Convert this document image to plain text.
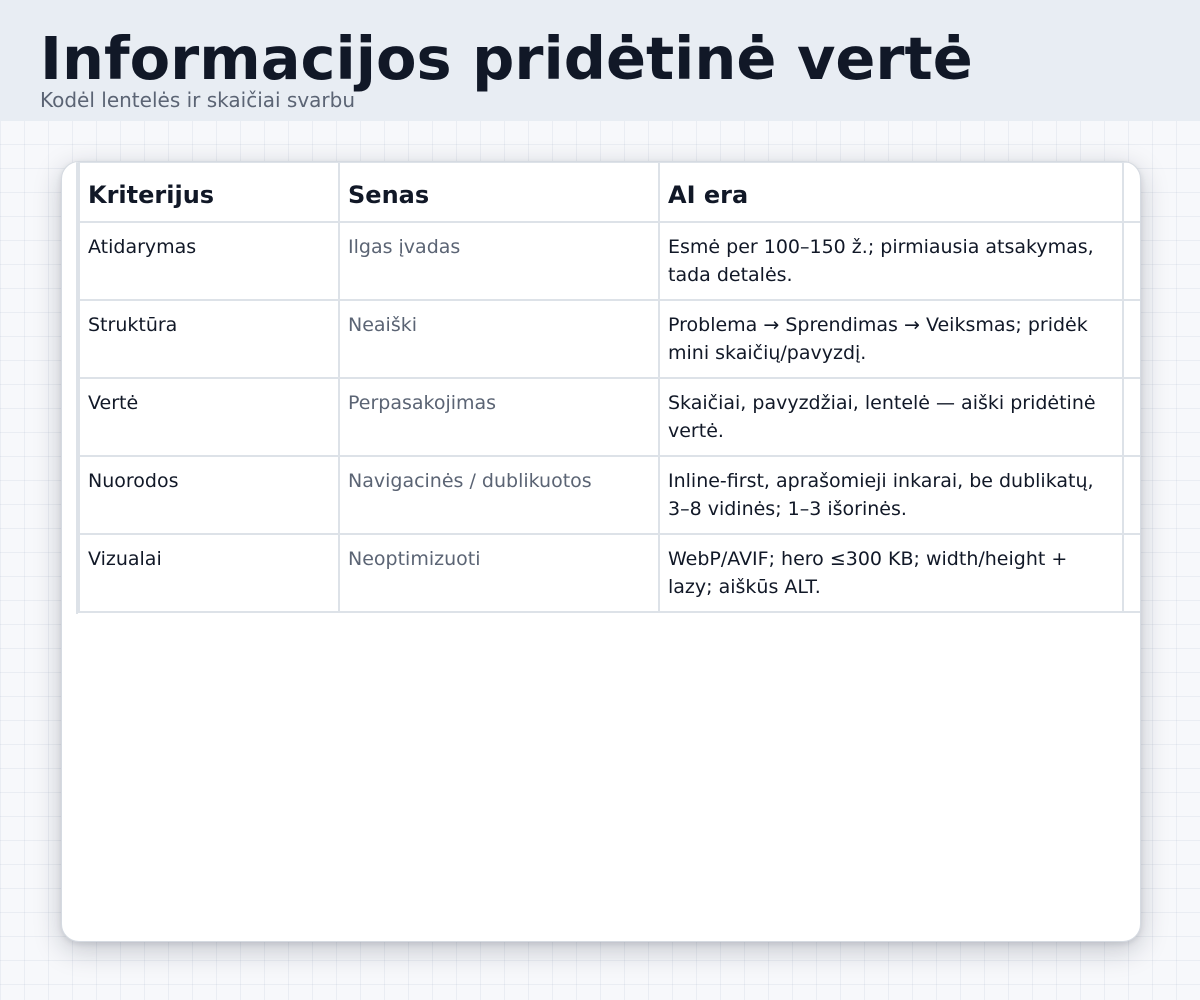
Informacijos pridėtinė vertė

Kodėl lentelės ir skaičiai svarbu

Kriterijus	Senas	AI era	
Atidarymas	Ilgas įvadas	Esmė per 100–150 ž.; pirmiausia atsakymas, tada detalės.	
Struktūra	Neaiški	Problema → Sprendimas → Veiksmas; pridėk mini skaičių/pavyzdį.	
Vertė	Perpasakojimas	Skaičiai, pavyzdžiai, lentelė — aiški pridėtinė vertė.	
Nuorodos	Navigacinės / dublikuotos	Inline-first, aprašomieji inkarai, be dublikatų, 3–8 vidinės; 1–3 išorinės.	
Vizualai	Neoptimizuoti	WebP/AVIF; hero ≤300 KB; width/height + lazy; aiškūs ALT.	
